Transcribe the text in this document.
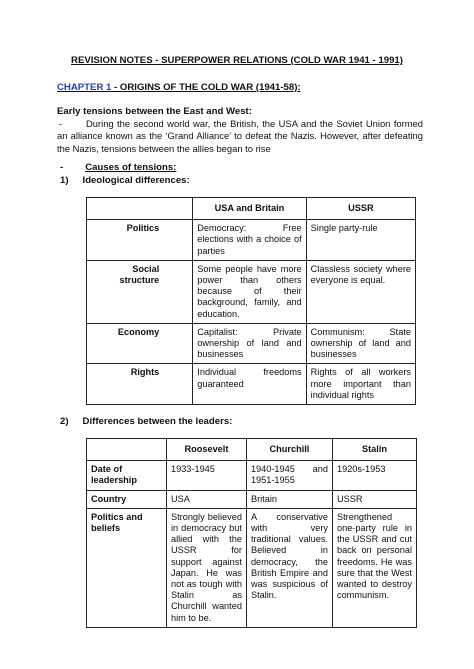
REVISION NOTES - SUPERPOWER RELATIONS (COLD WAR 1941 - 1991)
CHAPTER 1 - ORIGINS OF THE COLD WAR (1941-58):
Early tensions between the East and West:
-	During the second world war, the British, the USA and the Soviet Union formed an alliance known as the ‘Grand Alliance’ to defeat the Nazis. However, after defeating the Nazis, tensions between the allies began to rise
- Causes of tensions:
1) Ideological differences:
	USA and Britain	USSR
Politics	Democracy: Free elections with a choice of parties	Single party-rule
Social structure	Some people have more power than others because of their background, family, and education.	Classless society where everyone is equal.
Economy	Capitalist: Private ownership of land and businesses	Communism: State ownership of land and businesses
Rights	Individual freedoms guaranteed	Rights of all workers more important than individual rights
2) Differences between the leaders:
	Roosevelt	Churchill	Stalin
Date of leadership	1933-1945	1940-1945 and 1951-1955	1920s-1953
Country	USA	Britain	USSR
Politics and beliefs	Strongly believed in democracy but allied with the USSR for support against Japan. He was not as tough with Stalin as Churchill wanted him to be.	A conservative with very traditional values. Believed in democracy, the British Empire and was suspicious of Stalin.	Strengthened one-party rule in the USSR and cut back on personal freedoms. He was sure that the West wanted to destroy communism.
